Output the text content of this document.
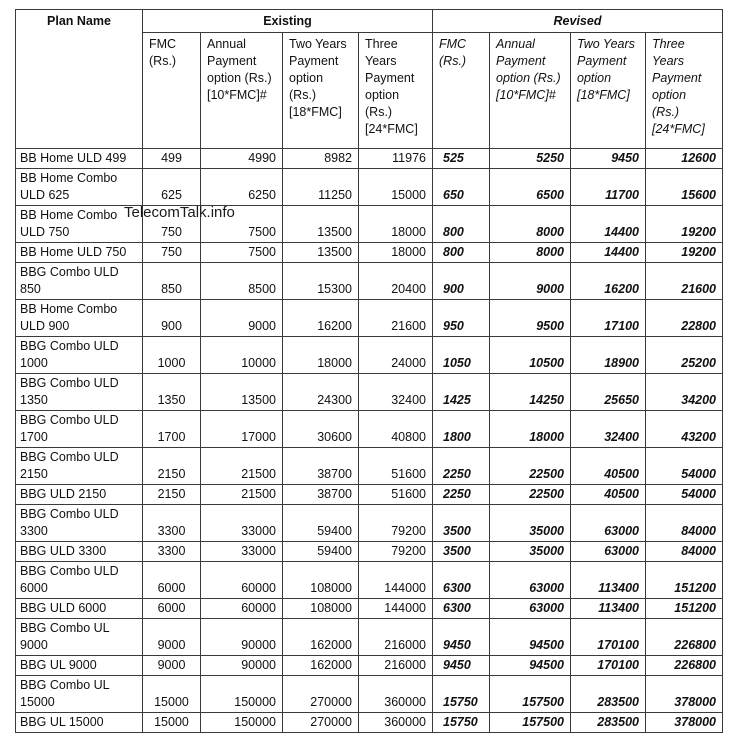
Plan Name	Existing				Revised			
	FMC (Rs.)	Annual Payment option (Rs.) [10*FMC]#	Two Years Payment option (Rs.) [18*FMC]	Three Years Payment option (Rs.) [24*FMC]	FMC (Rs.)	Annual Payment option (Rs.) [10*FMC]#	Two Years Payment option [18*FMC]	Three Years Payment option (Rs.) [24*FMC]
BB Home ULD 499	499	4990	8982	11976	525	5250	9450	12600
BB Home Combo ULD 625	625	6250	11250	15000	650	6500	11700	15600
BB Home Combo ULD 750	750	7500	13500	18000	800	8000	14400	19200
BB Home ULD 750	750	7500	13500	18000	800	8000	14400	19200
BBG Combo ULD 850	850	8500	15300	20400	900	9000	16200	21600
BB Home Combo ULD 900	900	9000	16200	21600	950	9500	17100	22800
BBG Combo ULD 1000	1000	10000	18000	24000	1050	10500	18900	25200
BBG Combo ULD 1350	1350	13500	24300	32400	1425	14250	25650	34200
BBG Combo ULD 1700	1700	17000	30600	40800	1800	18000	32400	43200
BBG Combo ULD 2150	2150	21500	38700	51600	2250	22500	40500	54000
BBG ULD 2150	2150	21500	38700	51600	2250	22500	40500	54000
BBG Combo ULD 3300	3300	33000	59400	79200	3500	35000	63000	84000
BBG ULD 3300	3300	33000	59400	79200	3500	35000	63000	84000
BBG Combo ULD 6000	6000	60000	108000	144000	6300	63000	113400	151200
BBG ULD 6000	6000	60000	108000	144000	6300	63000	113400	151200
BBG Combo UL 9000	9000	90000	162000	216000	9450	94500	170100	226800
BBG UL 9000	9000	90000	162000	216000	9450	94500	170100	226800
BBG Combo UL 15000	15000	150000	270000	360000	15750	157500	283500	378000
BBG UL 15000	15000	150000	270000	360000	15750	157500	283500	378000
TelecomTalk.info
